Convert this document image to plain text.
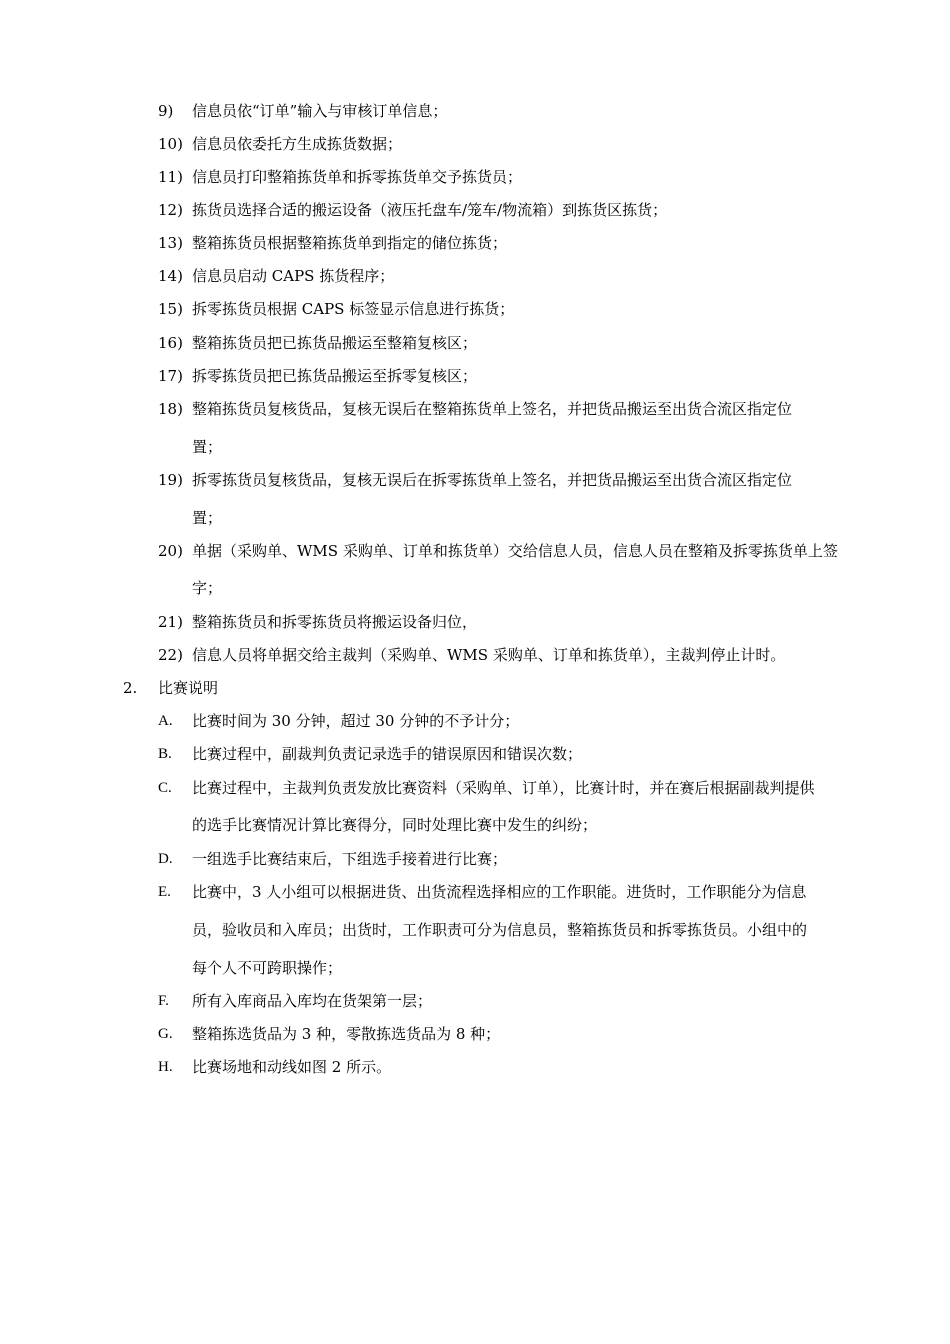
9) 信息员依“订单”输入与审核订单信息；
10) 信息员依委托方生成拣货数据；
11) 信息员打印整箱拣货单和拆零拣货单交予拣货员；
12) 拣货员选择合适的搬运设备（液压托盘车/笼车/物流箱）到拣货区拣货；
13) 整箱拣货员根据整箱拣货单到指定的储位拣货；
14) 信息员启动 CAPS 拣货程序；
15) 拆零拣货员根据 CAPS 标签显示信息进行拣货；
16) 整箱拣货员把已拣货品搬运至整箱复核区；
17) 拆零拣货员把已拣货品搬运至拆零复核区；
18) 整箱拣货员复核货品，复核无误后在整箱拣货单上签名，并把货品搬运至出货合流区指定位
置；
19) 拆零拣货员复核货品，复核无误后在拆零拣货单上签名，并把货品搬运至出货合流区指定位
置；
20) 单据（采购单、WMS 采购单、订单和拣货单）交给信息人员，信息人员在整箱及拆零拣货单上签
字；
21) 整箱拣货员和拆零拣货员将搬运设备归位，
22) 信息人员将单据交给主裁判（采购单、WMS 采购单、订单和拣货单），主裁判停止计时。
2. 比赛说明
A. 比赛时间为 30 分钟，超过 30 分钟的不予计分；
B. 比赛过程中，副裁判负责记录选手的错误原因和错误次数；
C. 比赛过程中，主裁判负责发放比赛资料（采购单、订单），比赛计时，并在赛后根据副裁判提供
的选手比赛情况计算比赛得分，同时处理比赛中发生的纠纷；
D. 一组选手比赛结束后，下组选手接着进行比赛；
E. 比赛中，3 人小组可以根据进货、出货流程选择相应的工作职能。进货时，工作职能分为信息
员，验收员和入库员；出货时，工作职责可分为信息员，整箱拣货员和拆零拣货员。小组中的
每个人不可跨职操作；
F. 所有入库商品入库均在货架第一层；
G. 整箱拣选货品为 3 种，零散拣选货品为 8 种；
H. 比赛场地和动线如图 2 所示。
